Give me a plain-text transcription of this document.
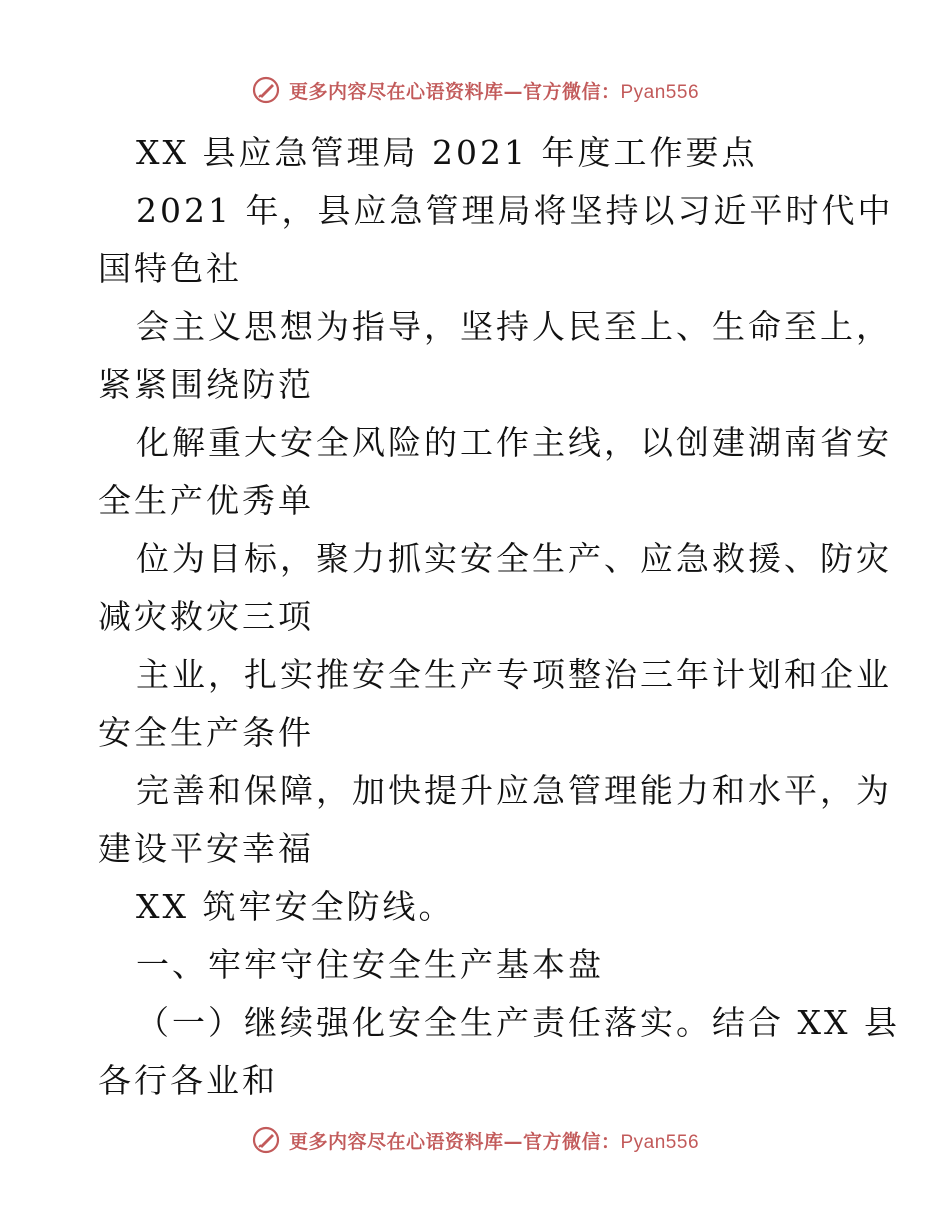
更多内容尽在心语资料库—官方微信：Pyan556
XX 县应急管理局 2021 年度工作要点
2021 年，县应急管理局将坚持以习近平时代中
国特色社
会主义思想为指导，坚持人民至上、生命至上，
紧紧围绕防范
化解重大安全风险的工作主线，以创建湖南省安
全生产优秀单
位为目标，聚力抓实安全生产、应急救援、防灾
减灾救灾三项
主业，扎实推安全生产专项整治三年计划和企业
安全生产条件
完善和保障，加快提升应急管理能力和水平，为
建设平安幸福
XX 筑牢安全防线。
一、牢牢守住安全生产基本盘
（一）继续强化安全生产责任落实。结合 XX 县
各行各业和
更多内容尽在心语资料库—官方微信：Pyan556
